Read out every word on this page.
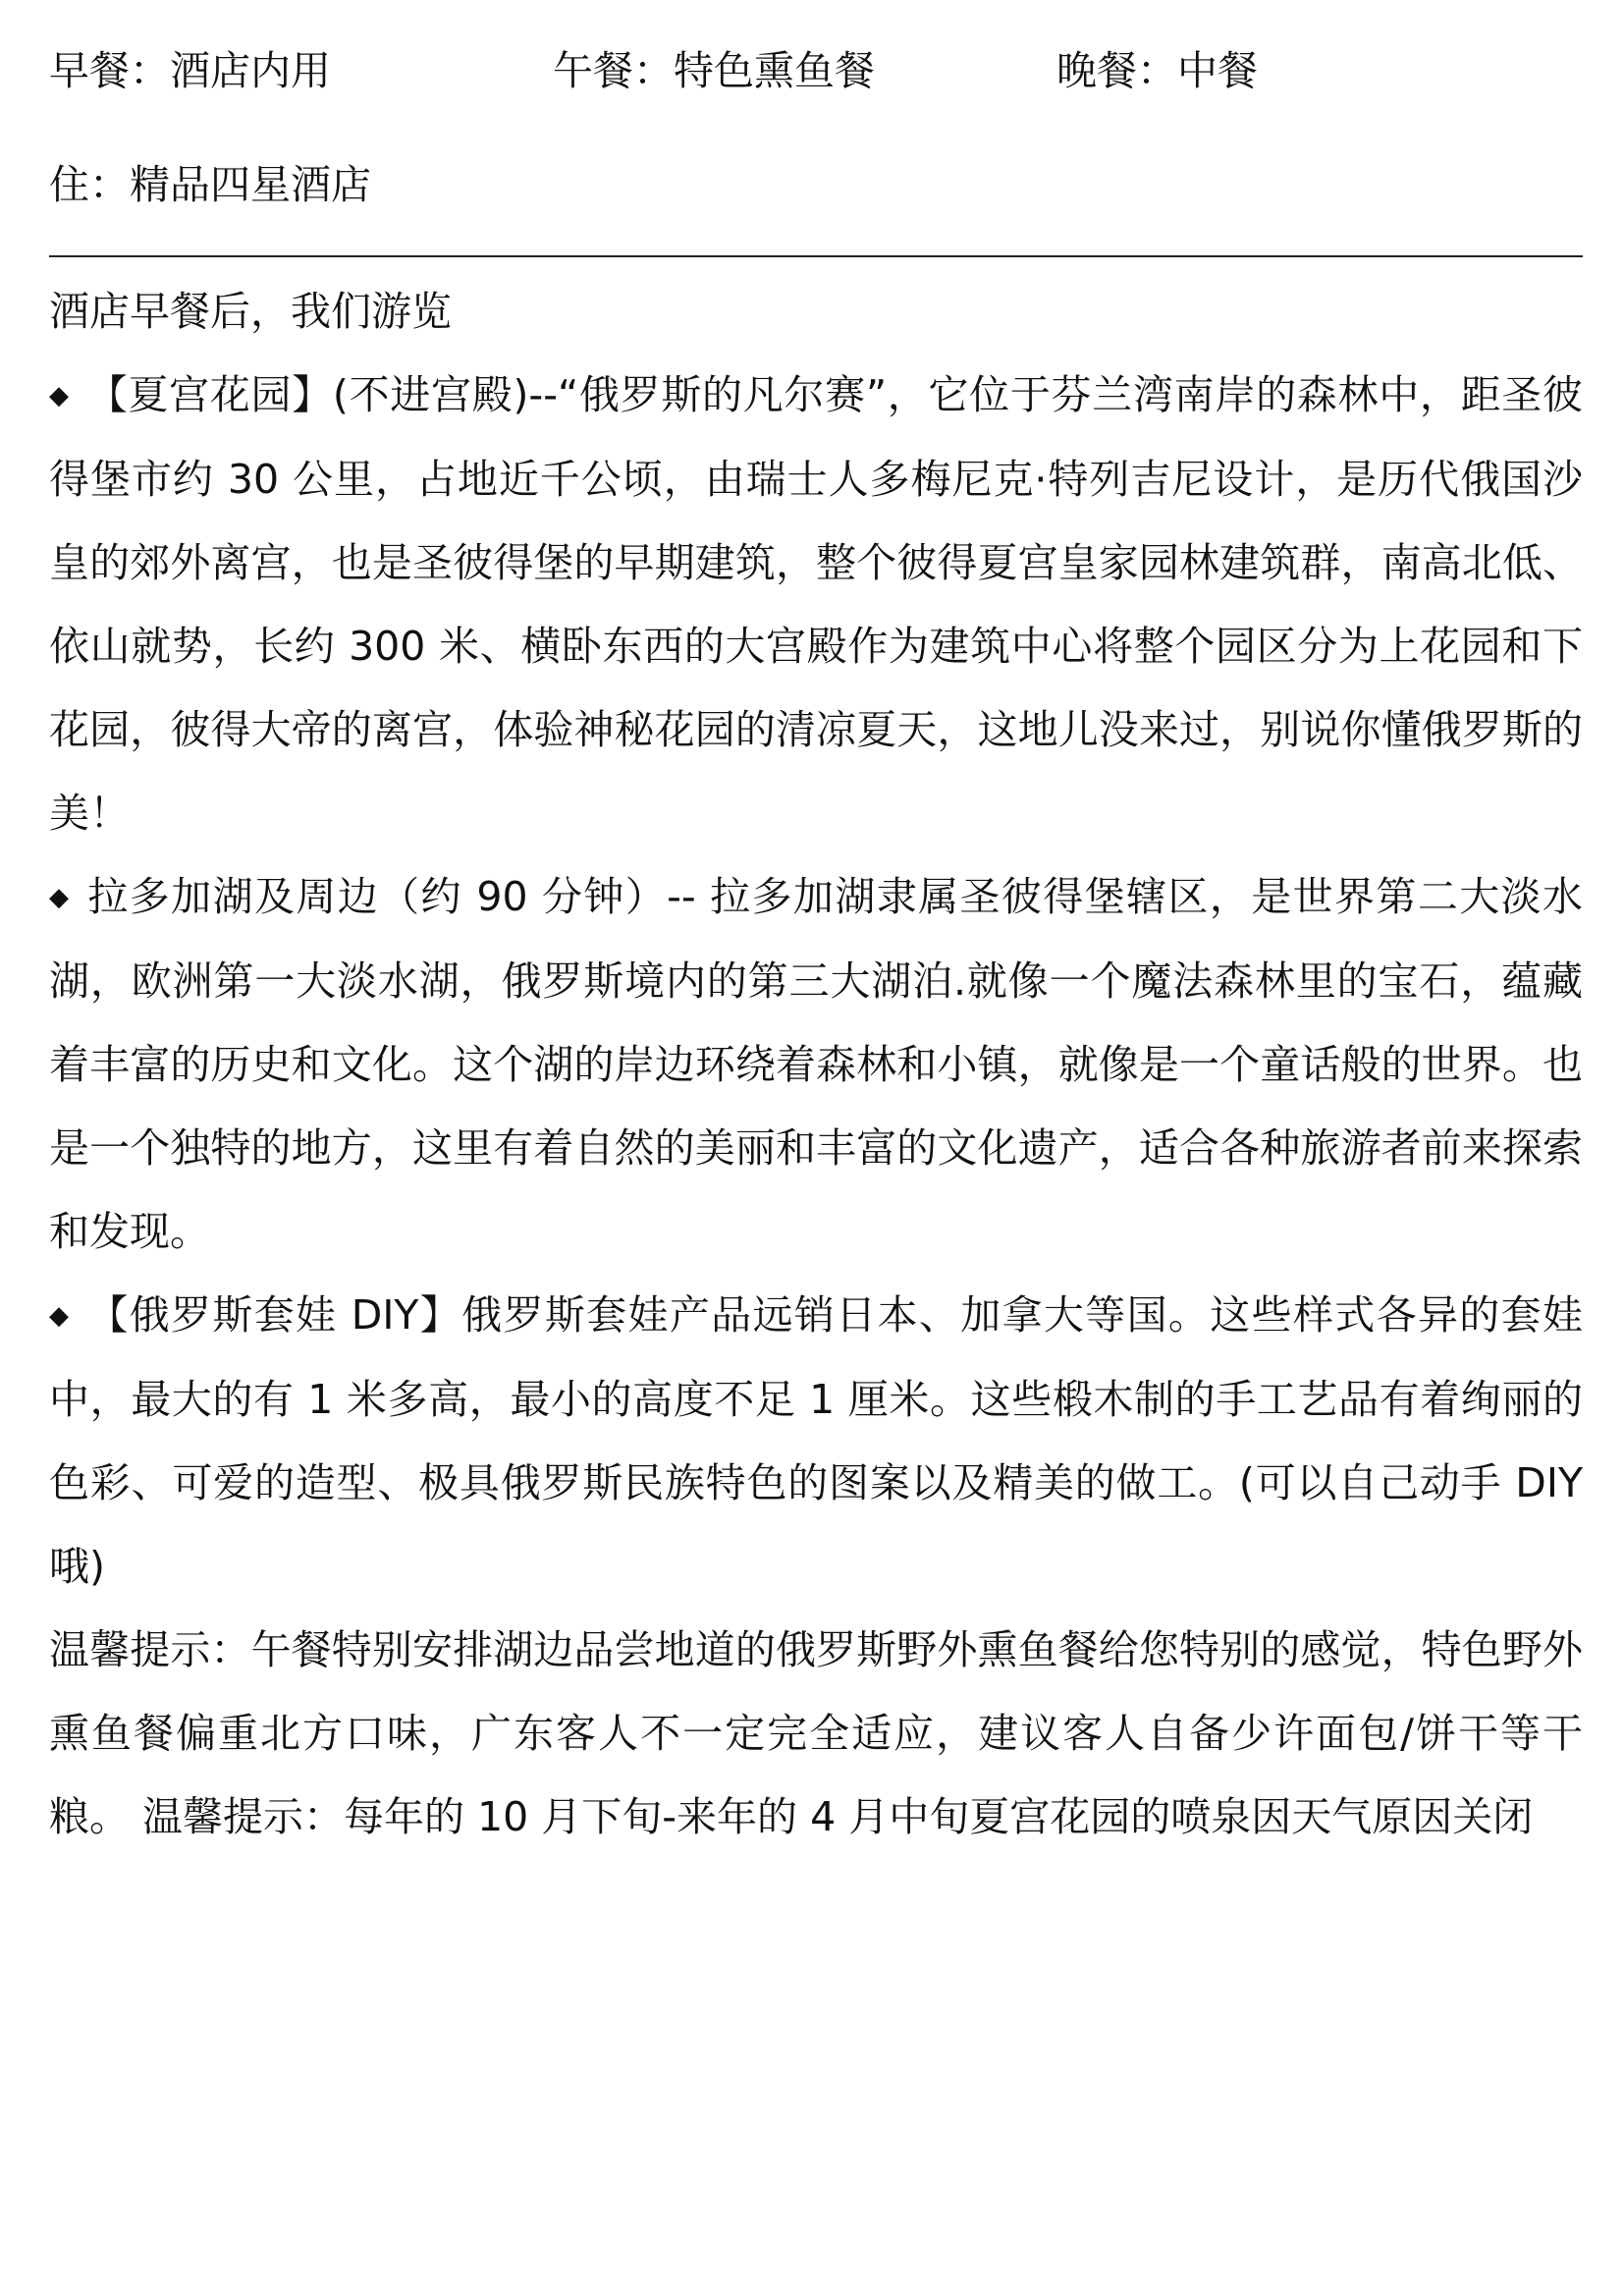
早餐：酒店内用	午餐：特色熏鱼餐	晚餐：中餐
住：精品四星酒店

酒店早餐后，我们游览

◆ 【夏宫花园】(不进宫殿)--“俄罗斯的凡尔赛”，它位于芬兰湾南岸的森林中，距圣彼得堡市约 30 公里，占地近千公顷，由瑞士人多梅尼克·特列吉尼设计，是历代俄国沙皇的郊外离宫，也是圣彼得堡的早期建筑，整个彼得夏宫皇家园林建筑群，南高北低、依山就势，长约 300 米、横卧东西的大宫殿作为建筑中心将整个园区分为上花园和下花园，彼得大帝的离宫，体验神秘花园的清凉夏天，这地儿没来过，别说你懂俄罗斯的美！

◆ 拉多加湖及周边（约 90 分钟）-- 拉多加湖隶属圣彼得堡辖区，是世界第二大淡水湖，欧洲第一大淡水湖，俄罗斯境内的第三大湖泊.就像一个魔法森林里的宝石，蕴藏着丰富的历史和文化。这个湖的岸边环绕着森林和小镇，就像是一个童话般的世界。也是一个独特的地方，这里有着自然的美丽和丰富的文化遗产，适合各种旅游者前来探索和发现。

◆ 【俄罗斯套娃 DIY】俄罗斯套娃产品远销日本、加拿大等国。这些样式各异的套娃中，最大的有 1 米多高，最小的高度不足 1 厘米。这些椴木制的手工艺品有着绚丽的色彩、可爱的造型、极具俄罗斯民族特色的图案以及精美的做工。(可以自己动手 DIY 哦)

温馨提示：午餐特别安排湖边品尝地道的俄罗斯野外熏鱼餐给您特别的感觉，特色野外熏鱼餐偏重北方口味，广东客人不一定完全适应，建议客人自备少许面包/饼干等干粮。 温馨提示：每年的 10 月下旬-来年的 4 月中旬夏宫花园的喷泉因天气原因关闭
